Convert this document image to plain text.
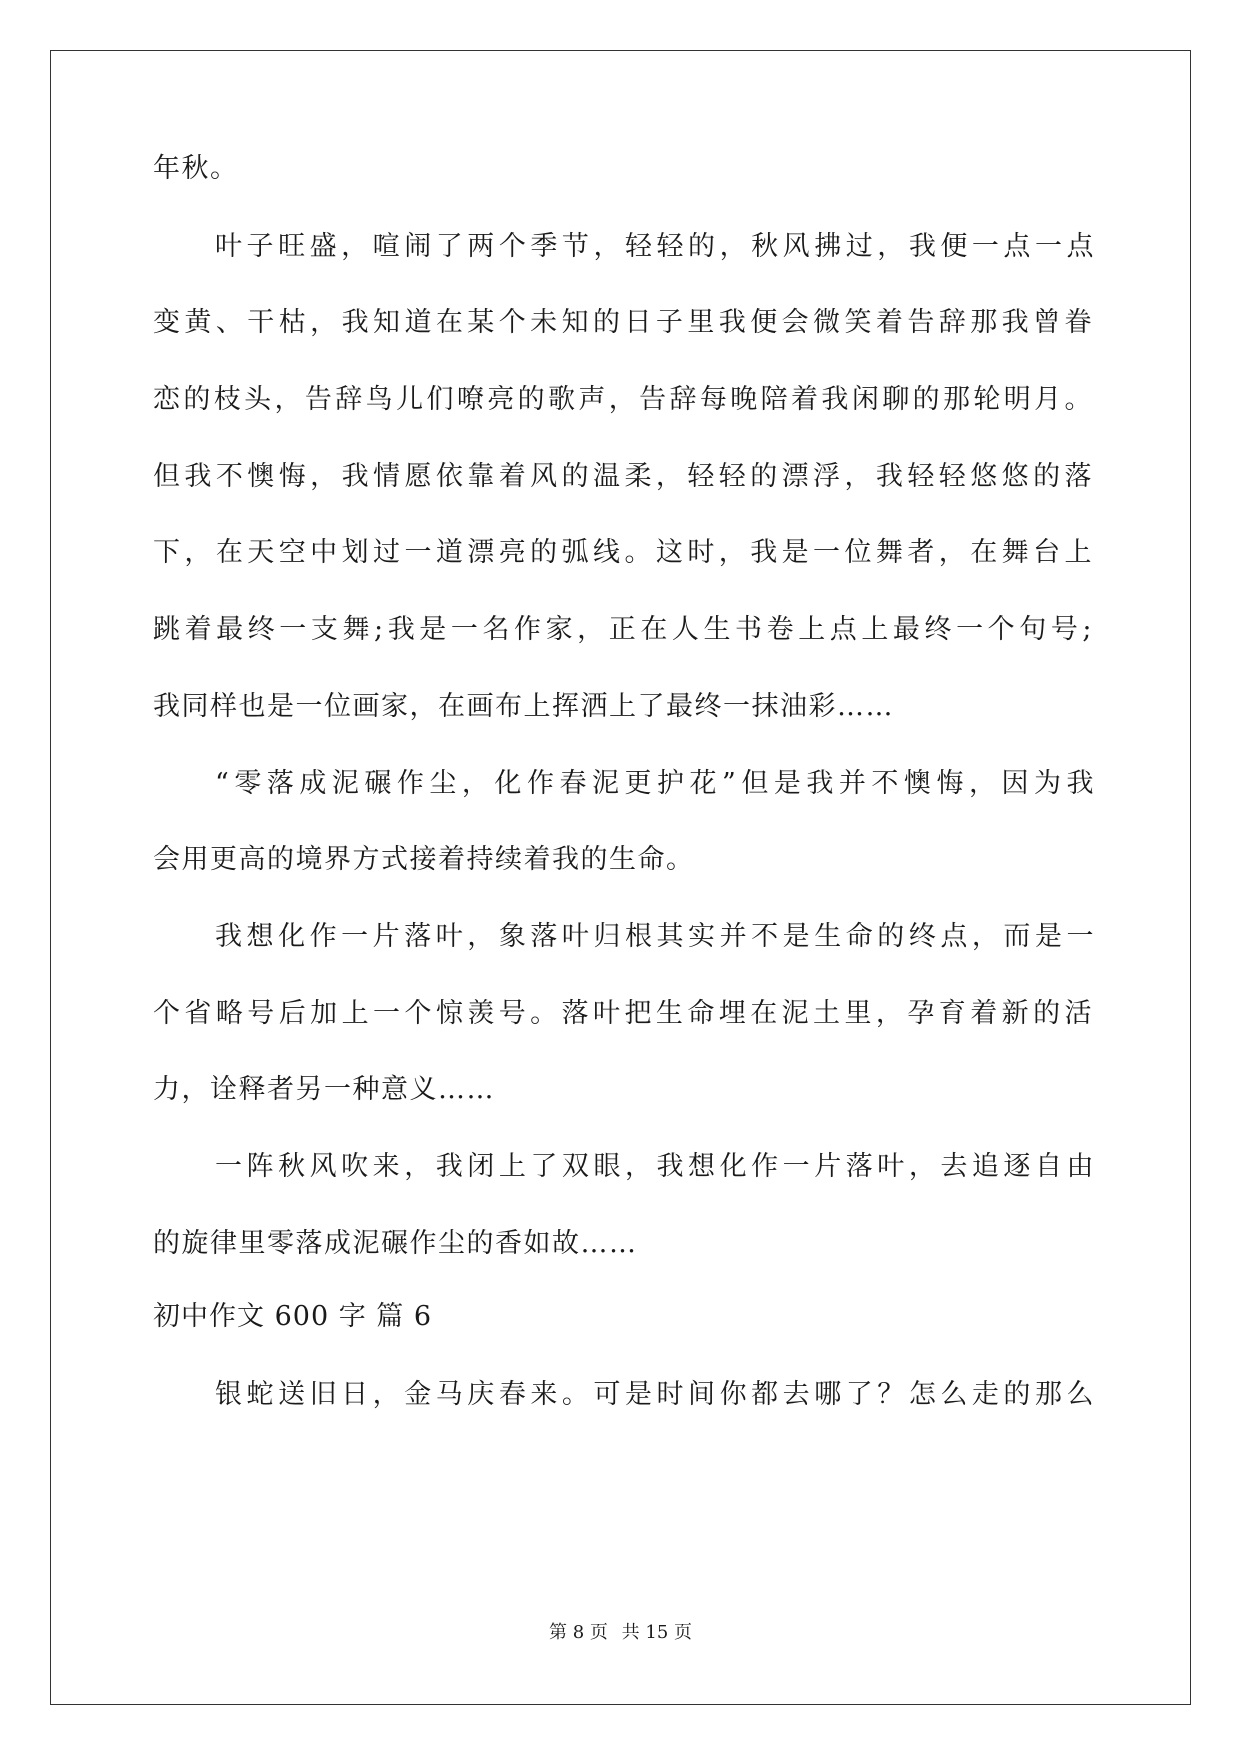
年秋。
叶子旺盛，喧闹了两个季节，轻轻的，秋风拂过，我便一点一点
变黄、干枯，我知道在某个未知的日子里我便会微笑着告辞那我曾眷
恋的枝头，告辞鸟儿们嘹亮的歌声，告辞每晚陪着我闲聊的那轮明月。
但我不懊悔，我情愿依靠着风的温柔，轻轻的漂浮，我轻轻悠悠的落
下，在天空中划过一道漂亮的弧线。这时，我是一位舞者，在舞台上
跳着最终一支舞;我是一名作家，正在人生书卷上点上最终一个句号;
我同样也是一位画家，在画布上挥洒上了最终一抹油彩……
“零落成泥碾作尘，化作春泥更护花”但是我并不懊悔，因为我
会用更高的境界方式接着持续着我的生命。
我想化作一片落叶，象落叶归根其实并不是生命的终点，而是一
个省略号后加上一个惊羡号。落叶把生命埋在泥土里，孕育着新的活
力，诠释者另一种意义……
一阵秋风吹来，我闭上了双眼，我想化作一片落叶，去追逐自由
的旋律里零落成泥碾作尘的香如故……
初中作文 600 字 篇 6
银蛇送旧日，金马庆春来。可是时间你都去哪了？怎么走的那么
第 8 页 共 15 页
